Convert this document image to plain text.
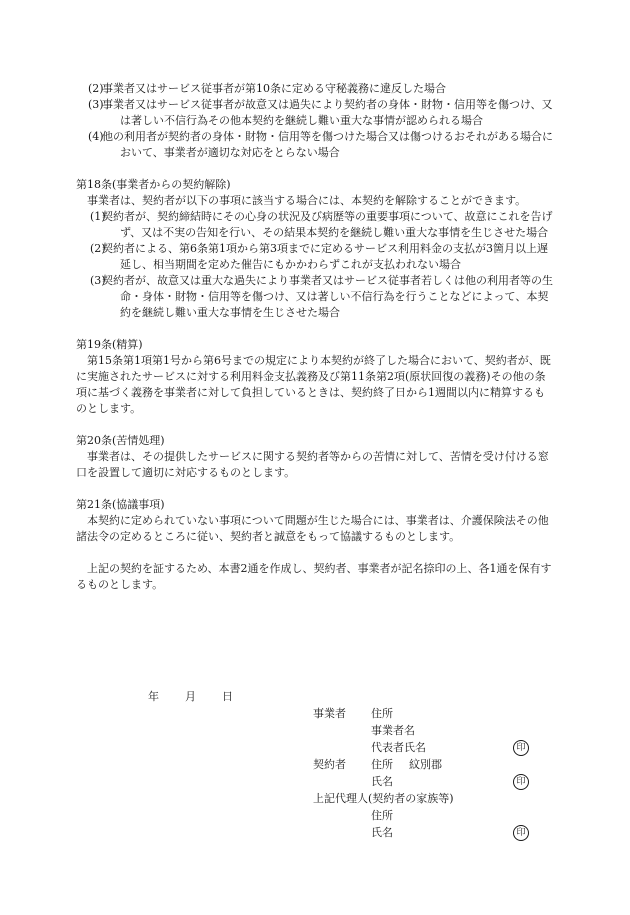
(2)
事業者又はサービス従事者が第10条に定める守秘義務に違反した場合
(3)
事業者又はサービス従事者が故意又は過失により契約者の身体・財物・信用等を傷つけ、又は著しい不信行為その他本契約を継続し難い重大な事情が認められる場合
(4)
他の利用者が契約者の身体・財物・信用等を傷つけた場合又は傷つけるおそれがある場合において、事業者が適切な対応をとらない場合

第18条(事業者からの契約解除)

事業者は、契約者が以下の事項に該当する場合には、本契約を解除することができます。

(1)
契約者が、契約締結時にその心身の状況及び病歴等の重要事項について、故意にこれを告げず、又は不実の告知を行い、その結果本契約を継続し難い重大な事情を生じさせた場合
(2)
契約者による、第6条第1項から第3項までに定めるサービス利用料金の支払が3箇月以上遅延し、相当期間を定めた催告にもかかわらずこれが支払われない場合
(3)
契約者が、故意又は重大な過失により事業者又はサービス従事者若しくは他の利用者等の生命・身体・財物・信用等を傷つけ、又は著しい不信行為を行うことなどによって、本契約を継続し難い重大な事情を生じさせた場合

第19条(精算)

第15条第1項第1号から第6号までの規定により本契約が終了した場合において、契約者が、既に実施されたサービスに対する利用料金支払義務及び第11条第2項(原状回復の義務)その他の条項に基づく義務を事業者に対して負担しているときは、契約終了日から1週間以内に精算するものとします。

第20条(苦情処理)

事業者は、その提供したサービスに関する契約者等からの苦情に対して、苦情を受け付ける窓口を設置して適切に対応するものとします。

第21条(協議事項)

本契約に定められていない事項について問題が生じた場合には、事業者は、介護保険法その他諸法令の定めるところに従い、契約者と誠意をもって協議するものとします。

上記の契約を証するため、本書2通を作成し、契約者、事業者が記名捺印の上、各1通を保有するものとします。

年 月 日
事業者 住所
事業者名
代表者氏名	印
契約者 住所 紋別郡
氏名	印
上記代理人(契約者の家族等)
住所
氏名	印
